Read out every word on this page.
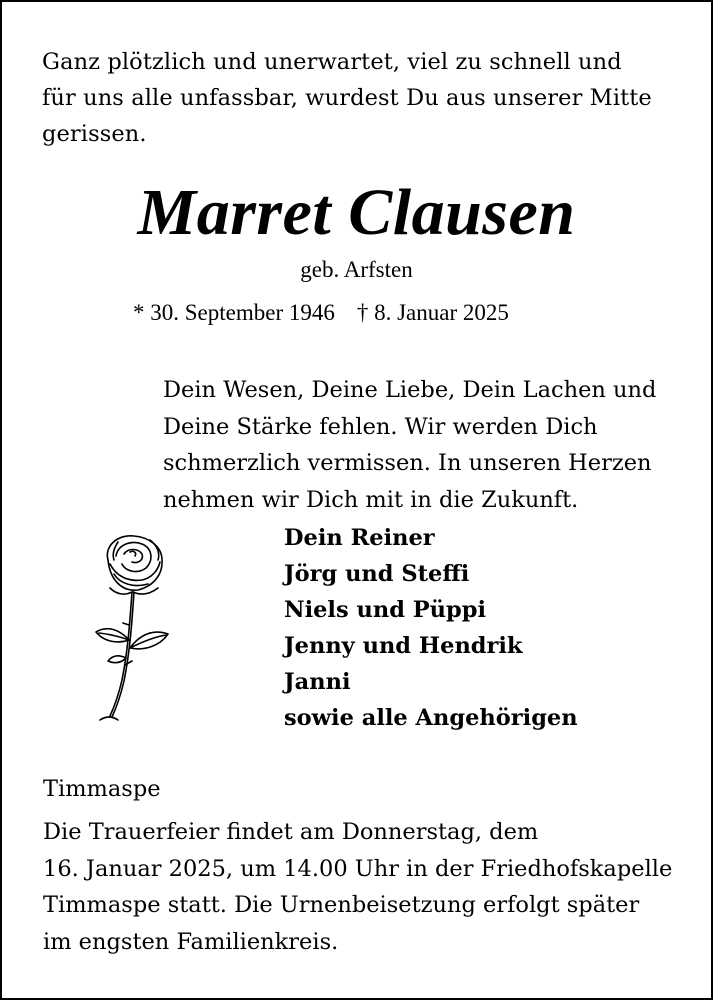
Ganz plötzlich und unerwartet, viel zu schnell und
für uns alle unfassbar, wurdest Du aus unserer Mitte
gerissen.
Marret Clausen
geb. Arfsten
* 30. September 1946 † 8. Januar 2025
Dein Wesen, Deine Liebe, Dein Lachen und
Deine Stärke fehlen. Wir werden Dich
schmerzlich vermissen. In unseren Herzen
nehmen wir Dich mit in die Zukunft.
Dein Reiner
Jörg und Steffi
Niels und Püppi
Jenny und Hendrik
Janni
sowie alle Angehörigen
Timmaspe
Die Trauerfeier findet am Donnerstag, dem
16. Januar 2025, um 14.00 Uhr in der Friedhofskapelle
Timmaspe statt. Die Urnenbeisetzung erfolgt später
im engsten Familienkreis.
